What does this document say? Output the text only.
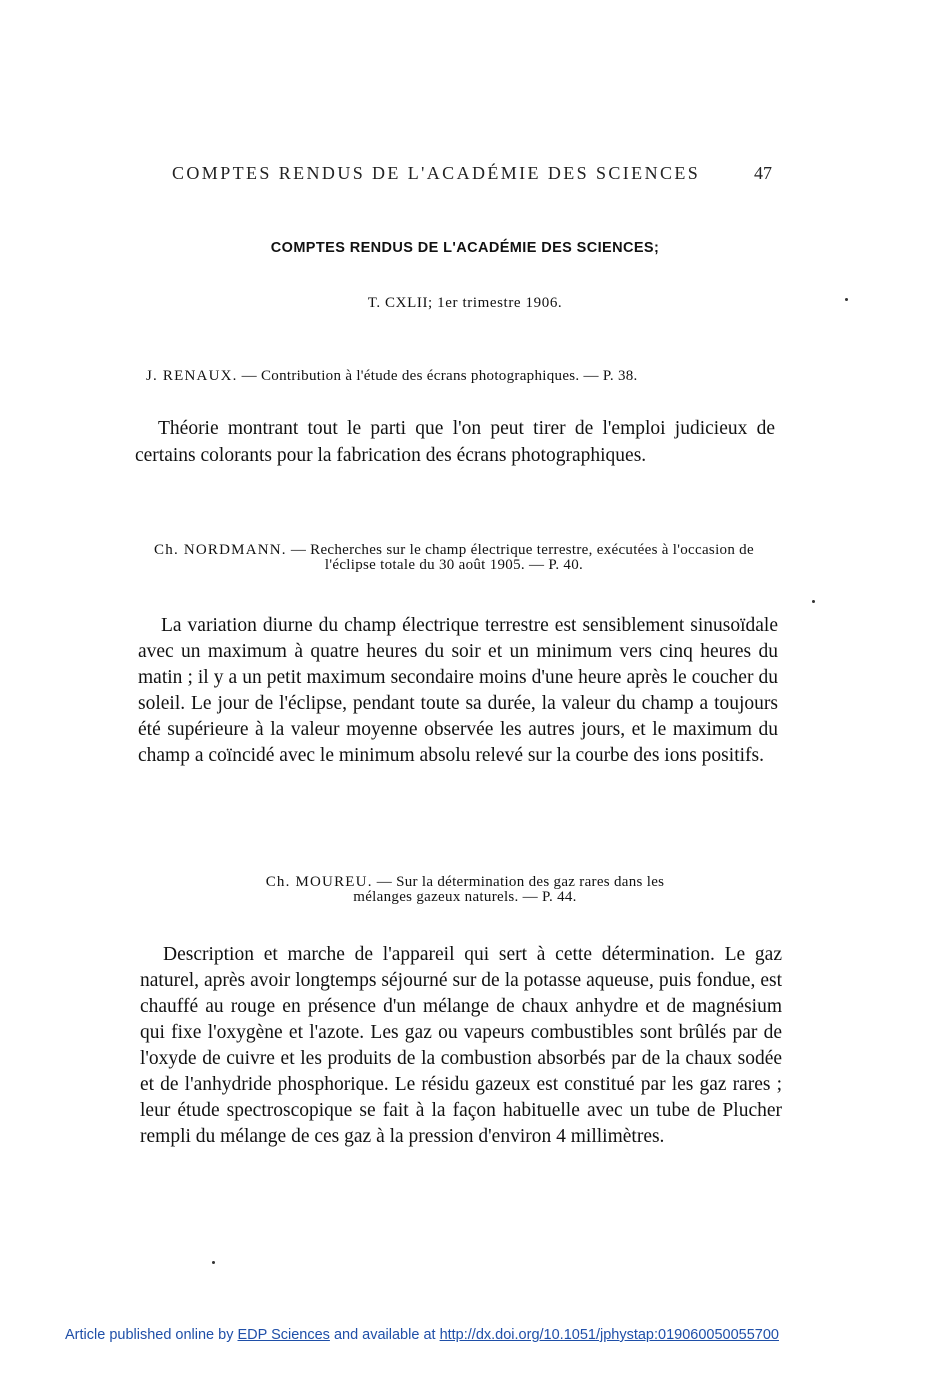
COMPTES RENDUS DE L'ACADÉMIE DES SCIENCES	47
COMPTES RENDUS DE L'ACADÉMIE DES SCIENCES;
T. CXLII; 1er trimestre 1906.
J. RENAUX. — Contribution à l'étude des écrans photographiques. — P. 38.
Théorie montrant tout le parti que l'on peut tirer de l'emploi judicieux de certains colorants pour la fabrication des écrans photographiques.
Ch. NORDMANN. — Recherches sur le champ électrique terrestre, exécutées à l'occasion de l'éclipse totale du 30 août 1905. — P. 40.
La variation diurne du champ électrique terrestre est sensiblement sinusoïdale avec un maximum à quatre heures du soir et un minimum vers cinq heures du matin ; il y a un petit maximum secondaire moins d'une heure après le coucher du soleil. Le jour de l'éclipse, pendant toute sa durée, la valeur du champ a toujours été supérieure à la valeur moyenne observée les autres jours, et le maximum du champ a coïncidé avec le minimum absolu relevé sur la courbe des ions positifs.
Ch. MOUREU. — Sur la détermination des gaz rares dans les mélanges gazeux naturels. — P. 44.
Description et marche de l'appareil qui sert à cette détermination. Le gaz naturel, après avoir longtemps séjourné sur de la potasse aqueuse, puis fondue, est chauffé au rouge en présence d'un mélange de chaux anhydre et de magnésium qui fixe l'oxygène et l'azote. Les gaz ou vapeurs combustibles sont brûlés par de l'oxyde de cuivre et les produits de la combustion absorbés par de la chaux sodée et de l'anhydride phosphorique. Le résidu gazeux est constitué par les gaz rares ; leur étude spectroscopique se fait à la façon habituelle avec un tube de Plucher rempli du mélange de ces gaz à la pression d'environ 4 millimètres.
Article published online by EDP Sciences and available at http://dx.doi.org/10.1051/jphystap:019060050055700
